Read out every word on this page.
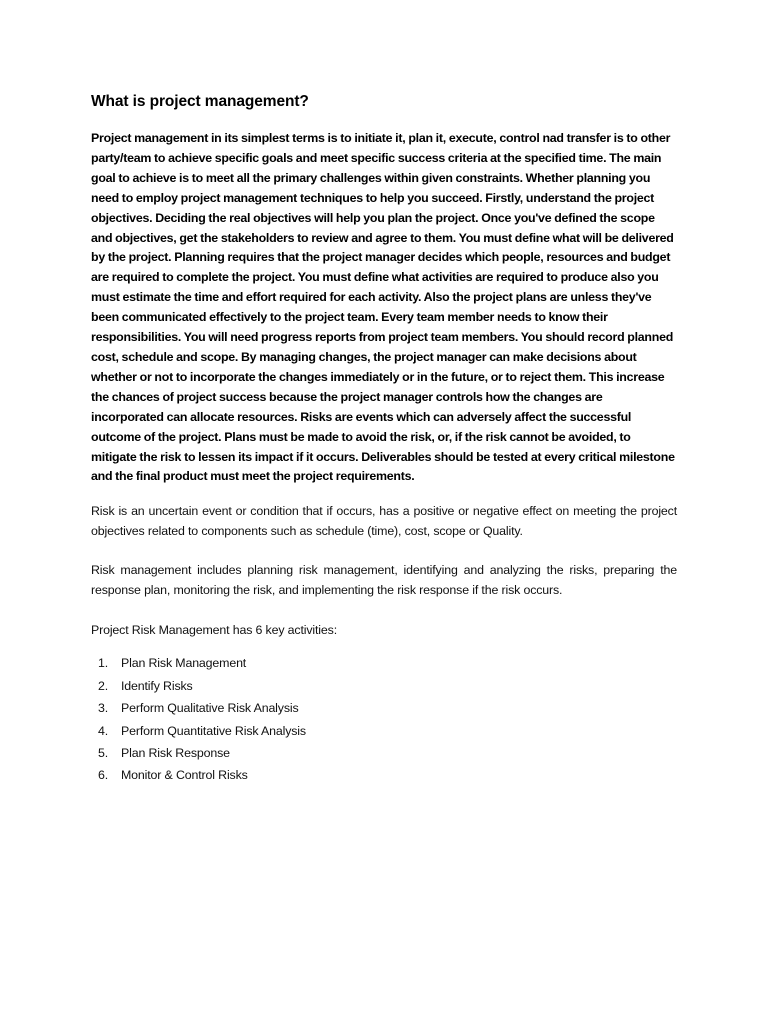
What is project management?

Project management in its simplest terms is to initiate it, plan it, execute, control nad transfer is to other party/team to achieve specific goals and meet specific success criteria at the specified time. The main goal to achieve is to meet all the primary challenges within given constraints. Whether planning you need to employ project management techniques to help you succeed. Firstly, understand the project objectives. Deciding the real objectives will help you plan the project. Once you've defined the scope and objectives, get the stakeholders to review and agree to them. You must define what will be delivered by the project. Planning requires that the project manager decides which people, resources and budget are required to complete the project. You must define what activities are required to produce also you must estimate the time and effort required for each activity. Also the project plans are unless they've been communicated effectively to the project team. Every team member needs to know their responsibilities. You will need progress reports from project team members. You should record planned cost, schedule and scope. By managing changes, the project manager can make decisions about whether or not to incorporate the changes immediately or in the future, or to reject them. This increase the chances of project success because the project manager controls how the changes are incorporated can allocate resources. Risks are events which can adversely affect the successful outcome of the project. Plans must be made to avoid the risk, or, if the risk cannot be avoided, to mitigate the risk to lessen its impact if it occurs. Deliverables should be tested at every critical milestone and the final product must meet the project requirements.

Risk is an uncertain event or condition that if occurs, has a positive or negative effect on meeting the project objectives related to components such as schedule (time), cost, scope or Quality.

Risk management includes planning risk management, identifying and analyzing the risks, preparing the response plan, monitoring the risk, and implementing the risk response if the risk occurs.

Project Risk Management has 6 key activities:

1. Plan Risk Management
2. Identify Risks
3. Perform Qualitative Risk Analysis
4. Perform Quantitative Risk Analysis
5. Plan Risk Response
6. Monitor & Control Risks
